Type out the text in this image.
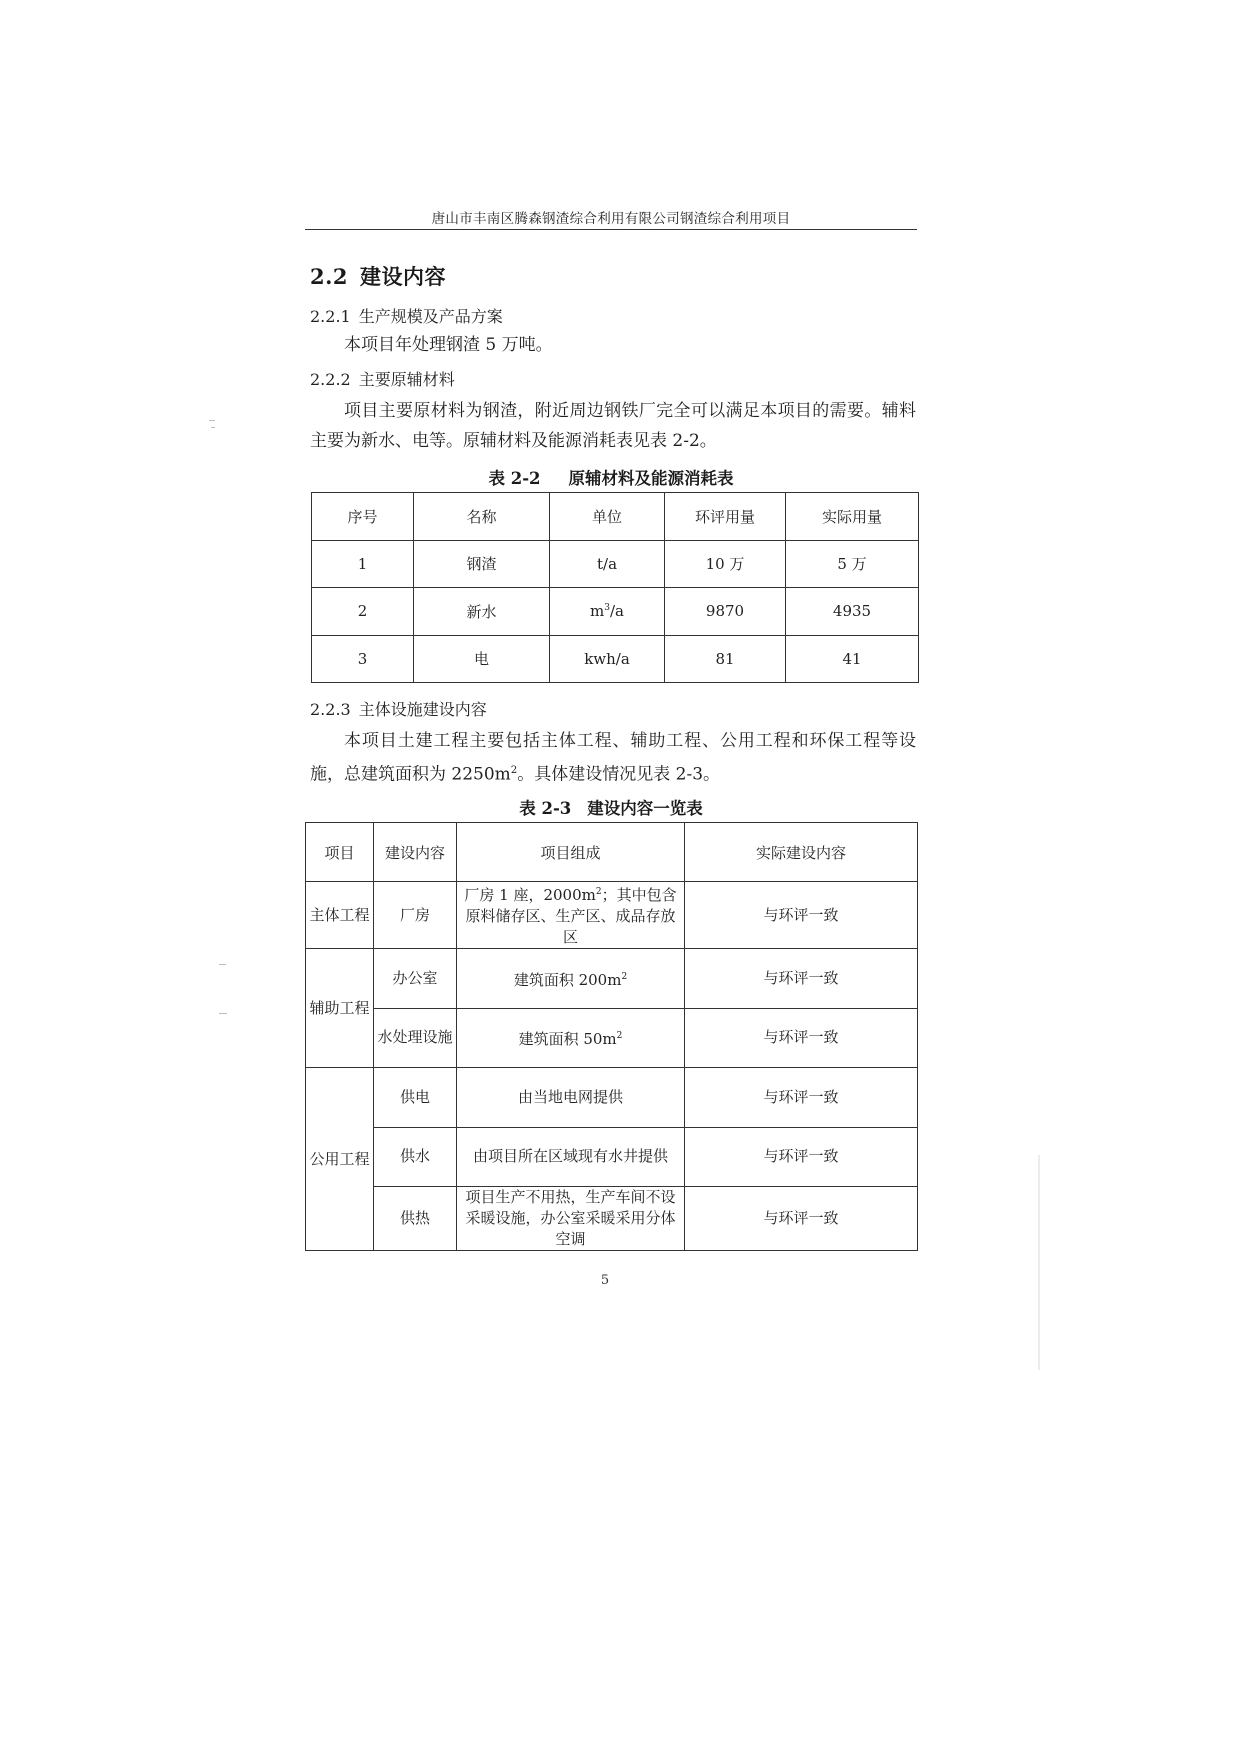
唐山市丰南区腾森钢渣综合利用有限公司钢渣综合利用项目
2.2 建设内容
2.2.1 生产规模及产品方案
本项目年处理钢渣 5 万吨。
2.2.2 主要原辅材料
项目主要原材料为钢渣，附近周边钢铁厂完全可以满足本项目的需要。辅料主要为新水、电等。原辅材料及能源消耗表见表 2-2。
表 2-2 原辅材料及能源消耗表
序号	名称	单位	环评用量	实际用量
1	钢渣	t/a	10 万	5 万
2	新水	$m^3/a$	9870	4935
3	电	kwh/a	81	41
2.2.3 主体设施建设内容
本项目土建工程主要包括主体工程、辅助工程、公用工程和环保工程等设施，总建筑面积为 $2250m^2$。具体建设情况见表 2-3。
表 2-3 建设内容一览表
项目	建设内容	项目组成	实际建设内容
主体工程	厂房	厂房 1 座，$2000m^2$；其中包含原料储存区、生产区、成品存放区	与环评一致
辅助工程	办公室	建筑面积 $200m^2$	与环评一致
	水处理设施	建筑面积 $50m^2$	与环评一致
公用工程	供电	由当地电网提供	与环评一致
	供水	由项目所在区域现有水井提供	与环评一致
	供热	项目生产不用热，生产车间不设采暖设施，办公室采暖采用分体空调	与环评一致
5
